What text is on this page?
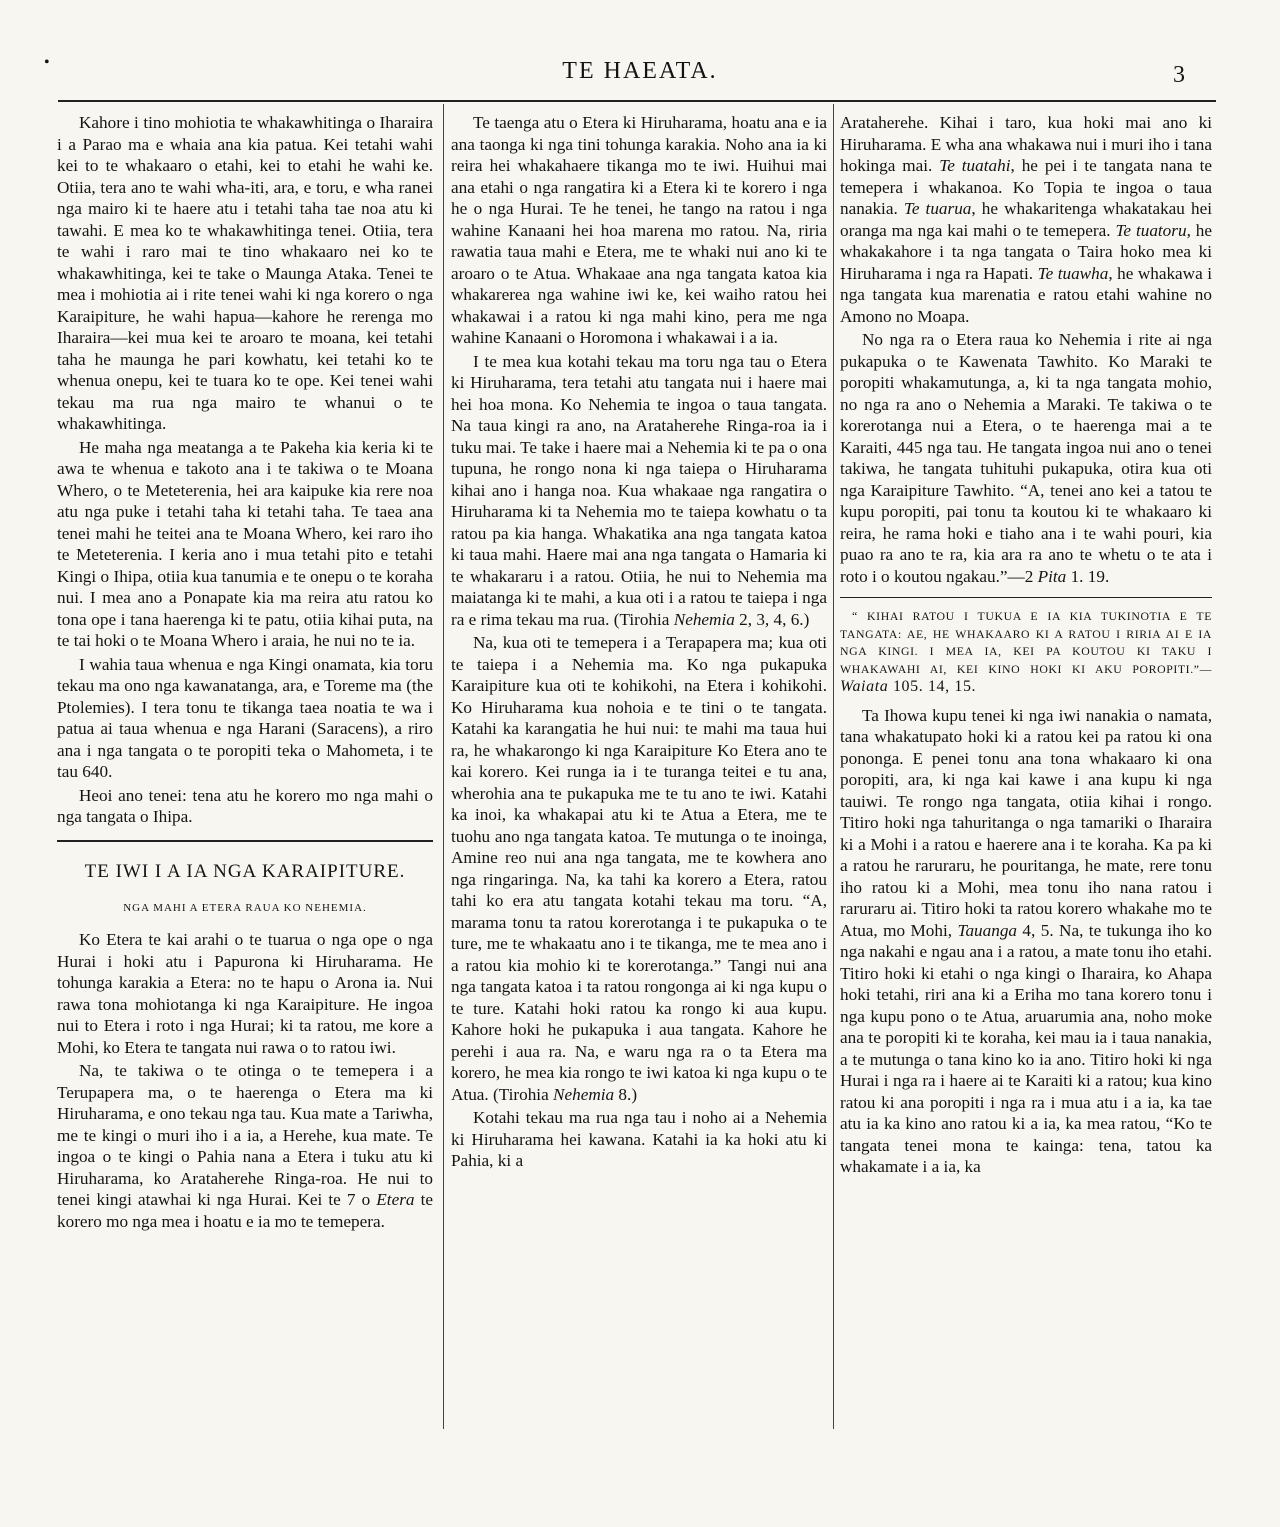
•	TE HAEATA.	3

Kahore i tino mohiotia te whakawhitinga o Iharaira i a Parao ma e whaia ana kia patua. Kei tetahi wahi kei to te whakaaro o etahi, kei to etahi he wahi ke. Otiia, tera ano te wahi wha-iti, ara, e toru, e wha ranei nga mairo ki te haere atu i tetahi taha tae noa atu ki tawahi. E mea ko te whakawhitinga tenei. Otiia, tera te wahi i raro mai te tino whakaaro nei ko te whakawhitinga, kei te take o Maunga Ataka. Tenei te mea i mohiotia ai i rite tenei wahi ki nga korero o nga Karaipiture, he wahi hapua—kahore he rerenga mo Iharaira—kei mua kei te aroaro te moana, kei tetahi taha he maunga he pari kowhatu, kei tetahi ko te whenua onepu, kei te tuara ko te ope. Kei tenei wahi tekau ma rua nga mairo te whanui o te whakawhitinga.

He maha nga meatanga a te Pakeha kia keria ki te awa te whenua e takoto ana i te takiwa o te Moana Whero, o te Meteterenia, hei ara kaipuke kia rere noa atu nga puke i tetahi taha ki tetahi taha. Te taea ana tenei mahi he teitei ana te Moana Whero, kei raro iho te Meteterenia. I keria ano i mua tetahi pito e tetahi Kingi o Ihipa, otiia kua tanumia e te onepu o te koraha nui. I mea ano a Ponapate kia ma reira atu ratou ko tona ope i tana haerenga ki te patu, otiia kihai puta, na te tai hoki o te Moana Whero i araia, he nui no te ia.

I wahia taua whenua e nga Kingi onamata, kia toru tekau ma ono nga kawanatanga, ara, e Toreme ma (the Ptolemies). I tera tonu te tikanga taea noatia te wa i patua ai taua whenua e nga Harani (Saracens), a riro ana i nga tangata o te poropiti teka o Mahometa, i te tau 640.

Heoi ano tenei: tena atu he korero mo nga mahi o nga tangata o Ihipa.

TE IWI I A IA NGA KARAIPITURE.
NGA MAHI A ETERA RAUA KO NEHEMIA.

Ko Etera te kai arahi o te tuarua o nga ope o nga Hurai i hoki atu i Papurona ki Hiruharama. He tohunga karakia a Etera: no te hapu o Arona ia. Nui rawa tona mohiotanga ki nga Karaipiture. He ingoa nui to Etera i roto i nga Hurai; ki ta ratou, me kore a Mohi, ko Etera te tangata nui rawa o to ratou iwi.

Na, te takiwa o te otinga o te temepera i a Terupapera ma, o te haerenga o Etera ma ki Hiruharama, e ono tekau nga tau. Kua mate a Tariwha, me te kingi o muri iho i a ia, a Herehe, kua mate. Te ingoa o te kingi o Pahia nana a Etera i tuku atu ki Hiruharama, ko Arataherehe Ringa-roa. He nui to tenei kingi atawhai ki nga Hurai. Kei te 7 o Etera te korero mo nga mea i hoatu e ia mo te temepera.

Te taenga atu o Etera ki Hiruharama, hoatu ana e ia ana taonga ki nga tini tohunga karakia. Noho ana ia ki reira hei whakahaere tikanga mo te iwi. Huihui mai ana etahi o nga rangatira ki a Etera ki te korero i nga he o nga Hurai. Te he tenei, he tango na ratou i nga wahine Kanaani hei hoa marena mo ratou. Na, riria rawatia taua mahi e Etera, me te whaki nui ano ki te aroaro o te Atua. Whakaae ana nga tangata katoa kia whakarerea nga wahine iwi ke, kei waiho ratou hei whakawai i a ratou ki nga mahi kino, pera me nga wahine Kanaani o Horomona i whakawai i a ia.

I te mea kua kotahi tekau ma toru nga tau o Etera ki Hiruharama, tera tetahi atu tangata nui i haere mai hei hoa mona. Ko Nehemia te ingoa o taua tangata. Na taua kingi ra ano, na Arataherehe Ringa-roa ia i tuku mai. Te take i haere mai a Nehemia ki te pa o ona tupuna, he rongo nona ki nga taiepa o Hiruharama kihai ano i hanga noa. Kua whakaae nga rangatira o Hiruharama ki ta Nehemia mo te taiepa kowhatu o ta ratou pa kia hanga. Whakatika ana nga tangata katoa ki taua mahi. Haere mai ana nga tangata o Hamaria ki te whakararu i a ratou. Otiia, he nui to Nehemia ma maiatanga ki te mahi, a kua oti i a ratou te taiepa i nga ra e rima tekau ma rua. (Tirohia Nehemia 2, 3, 4, 6.)

Na, kua oti te temepera i a Terapapera ma; kua oti te taiepa i a Nehemia ma. Ko nga pukapuka Karaipiture kua oti te kohikohi, na Etera i kohikohi. Ko Hiruharama kua nohoia e te tini o te tangata. Katahi ka karangatia he hui nui: te mahi ma taua hui ra, he whakarongo ki nga Karaipiture Ko Etera ano te kai korero. Kei runga ia i te turanga teitei e tu ana, wherohia ana te pukapuka me te tu ano te iwi. Katahi ka inoi, ka whakapai atu ki te Atua a Etera, me te tuohu ano nga tangata katoa. Te mutunga o te inoinga, Amine reo nui ana nga tangata, me te kowhera ano nga ringaringa. Na, ka tahi ka korero a Etera, ratou tahi ko era atu tangata kotahi tekau ma toru. “A, marama tonu ta ratou korerotanga i te pukapuka o te ture, me te whakaatu ano i te tikanga, me te mea ano i a ratou kia mohio ki te korerotanga.” Tangi nui ana nga tangata katoa i ta ratou rongonga ai ki nga kupu o te ture. Katahi hoki ratou ka rongo ki aua kupu. Kahore hoki he pukapuka i aua tangata. Kahore he perehi i aua ra. Na, e waru nga ra o ta Etera ma korero, he mea kia rongo te iwi katoa ki nga kupu o te Atua. (Tirohia Nehemia 8.)

Kotahi tekau ma rua nga tau i noho ai a Nehemia ki Hiruharama hei kawana. Katahi ia ka hoki atu ki Pahia, ki a

Arataherehe. Kihai i taro, kua hoki mai ano ki Hiruharama. E wha ana whakawa nui i muri iho i tana hokinga mai. Te tuatahi, he pei i te tangata nana te temepera i whakanoa. Ko Topia te ingoa o taua nanakia. Te tuarua, he whakaritenga whakatakau hei oranga ma nga kai mahi o te temepera. Te tuatoru, he whakakahore i ta nga tangata o Taira hoko mea ki Hiruharama i nga ra Hapati. Te tuawha, he whakawa i nga tangata kua marenatia e ratou etahi wahine no Amono no Moapa.

No nga ra o Etera raua ko Nehemia i rite ai nga pukapuka o te Kawenata Tawhito. Ko Maraki te poropiti whakamutunga, a, ki ta nga tangata mohio, no nga ra ano o Nehemia a Maraki. Te takiwa o te korerotanga nui a Etera, o te haerenga mai a te Karaiti, 445 nga tau. He tangata ingoa nui ano o tenei takiwa, he tangata tuhituhi pukapuka, otira kua oti nga Karaipiture Tawhito. “A, tenei ano kei a tatou te kupu poropiti, pai tonu ta koutou ki te whakaaro ki reira, he rama hoki e tiaho ana i te wahi pouri, kia puao ra ano te ra, kia ara ra ano te whetu o te ata i roto i o koutou ngakau.”—2 Pita 1. 19.

“ KIHAI RATOU I TUKUA E IA KIA TUKINOTIA E TE TANGATA: AE, HE WHAKAARO KI A RATOU I RIRIA AI E IA NGA KINGI. I MEA IA, KEI PA KOUTOU KI TAKU I WHAKAWAHI AI, KEI KINO HOKI KI AKU POROPITI.”—Waiata 105. 14, 15.

Ta Ihowa kupu tenei ki nga iwi nanakia o namata, tana whakatupato hoki ki a ratou kei pa ratou ki ona pononga. E penei tonu ana tona whakaaro ki ona poropiti, ara, ki nga kai kawe i ana kupu ki nga tauiwi. Te rongo nga tangata, otiia kihai i rongo. Titiro hoki nga tahuritanga o nga tamariki o Iharaira ki a Mohi i a ratou e haerere ana i te koraha. Ka pa ki a ratou he raruraru, he pouritanga, he mate, rere tonu iho ratou ki a Mohi, mea tonu iho nana ratou i raruraru ai. Titiro hoki ta ratou korero whakahe mo te Atua, mo Mohi, Tauanga 4, 5. Na, te tukunga iho ko nga nakahi e ngau ana i a ratou, a mate tonu iho etahi. Titiro hoki ki etahi o nga kingi o Iharaira, ko Ahapa hoki tetahi, riri ana ki a Eriha mo tana korero tonu i nga kupu pono o te Atua, aruarumia ana, noho moke ana te poropiti ki te koraha, kei mau ia i taua nanakia, a te mutunga o tana kino ko ia ano. Titiro hoki ki nga Hurai i nga ra i haere ai te Karaiti ki a ratou; kua kino ratou ki ana poropiti i nga ra i mua atu i a ia, ka tae atu ia ka kino ano ratou ki a ia, ka mea ratou, “Ko te tangata tenei mona te kainga: tena, tatou ka whakamate i a ia, ka
